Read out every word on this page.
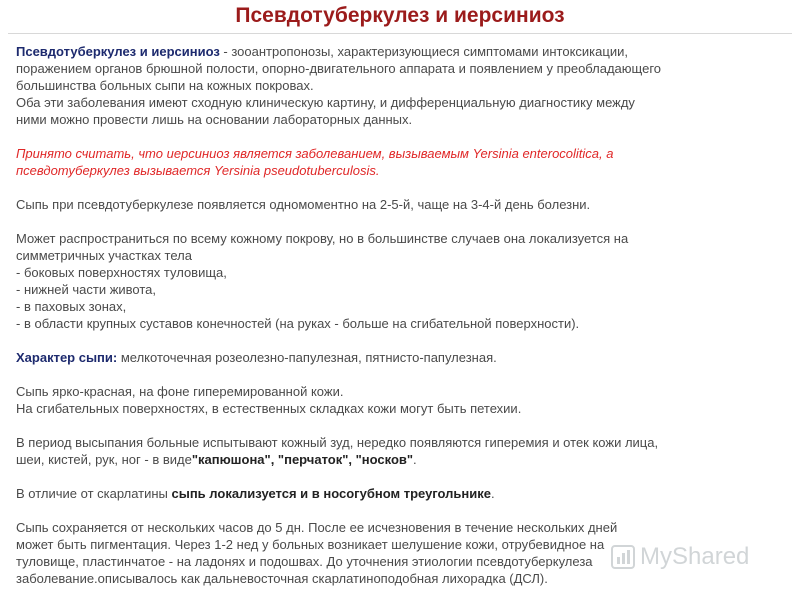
Псевдотуберкулез и иерсиниоз

Псевдотуберкулез и иерсиниоз - зооантропонозы, характеризующиеся симптомами интоксикации,
поражением органов брюшной полости, опорно-двигательного аппарата и появлением у преобладающего
большинства больных сыпи на кожных покровах.
Оба эти заболевания имеют сходную клиническую картину, и дифференциальную диагностику между
ними можно провести лишь на основании лабораторных данных.

Принято считать, что иерсиниоз является заболеванием, вызываемым Yersinia enterocolitica, а
псевдотуберкулез вызывается Yersinia pseudotuberculosis.

Сыпь при псевдотуберкулезе появляется одномоментно на 2-5-й, чаще на 3-4-й день болезни.

Может распространиться по всему кожному покрову, но в большинстве случаев она локализуется на
симметричных участках тела
- боковых поверхностях туловища,
- нижней части живота,
- в паховых зонах,
- в области крупных суставов конечностей (на руках - больше на сгибательной поверхности).

Характер сыпи: мелкоточечная розеолезно-папулезная, пятнисто-папулезная.

Сыпь ярко-красная, на фоне гиперемированной кожи.
На сгибательных поверхностях, в естественных складках кожи могут быть петехии.

В период высыпания больные испытывают кожный зуд, нередко появляются гиперемия и отек кожи лица,
шеи, кистей, рук, ног - в виде"капюшона", "перчаток", "носков".

В отличие от скарлатины сыпь локализуется и в носогубном треугольнике.

Сыпь сохраняется от нескольких часов до 5 дн. После ее исчезновения в течение нескольких дней
может быть пигментация. Через 1-2 нед у больных возникает шелушение кожи, отрубевидное на
туловище, пластинчатое - на ладонях и подошвах. До уточнения этиологии псевдотуберкулеза
заболевание.описывалось как дальневосточная скарлатиноподобная лихорадка (ДСЛ).

MyShared
